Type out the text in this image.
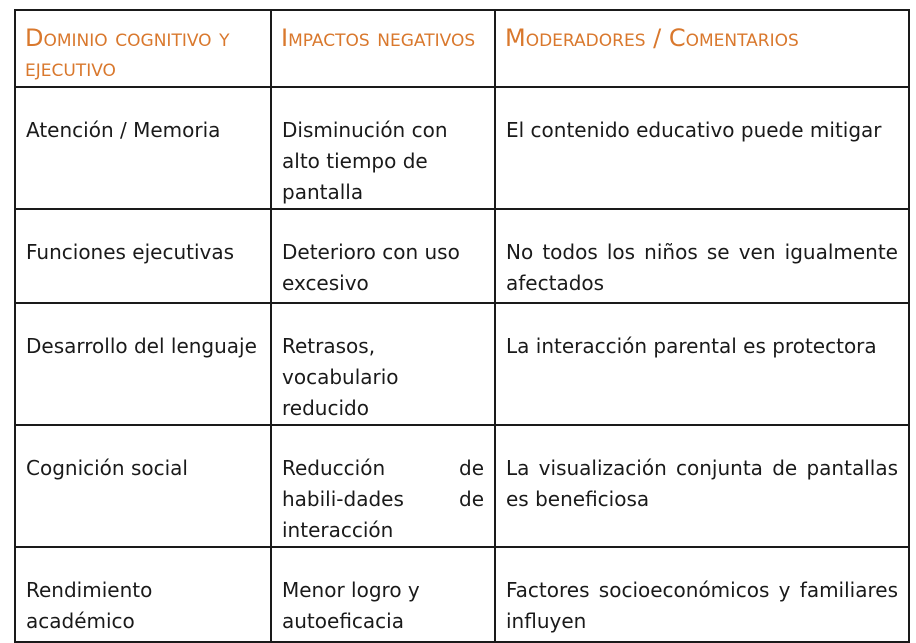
Dominio cognitivo y ejecutivo	Impactos negativos	Moderadores / Comentarios
Atención / Memoria	Disminución con alto tiempo de pantalla	El contenido educativo puede mitigar
Funciones ejecutivas	Deterioro con uso excesivo	No todos los niños se ven igualmente afectados
Desarrollo del lenguaje	Retrasos, vocabulario reducido	La interacción parental es protectora
Cognición social	Reducción de habili-dades de interacción	La visualización conjunta de pantallas es beneficiosa
Rendimiento académico	Menor logro y autoeficacia	Factores socioeconómicos y familiares influyen
